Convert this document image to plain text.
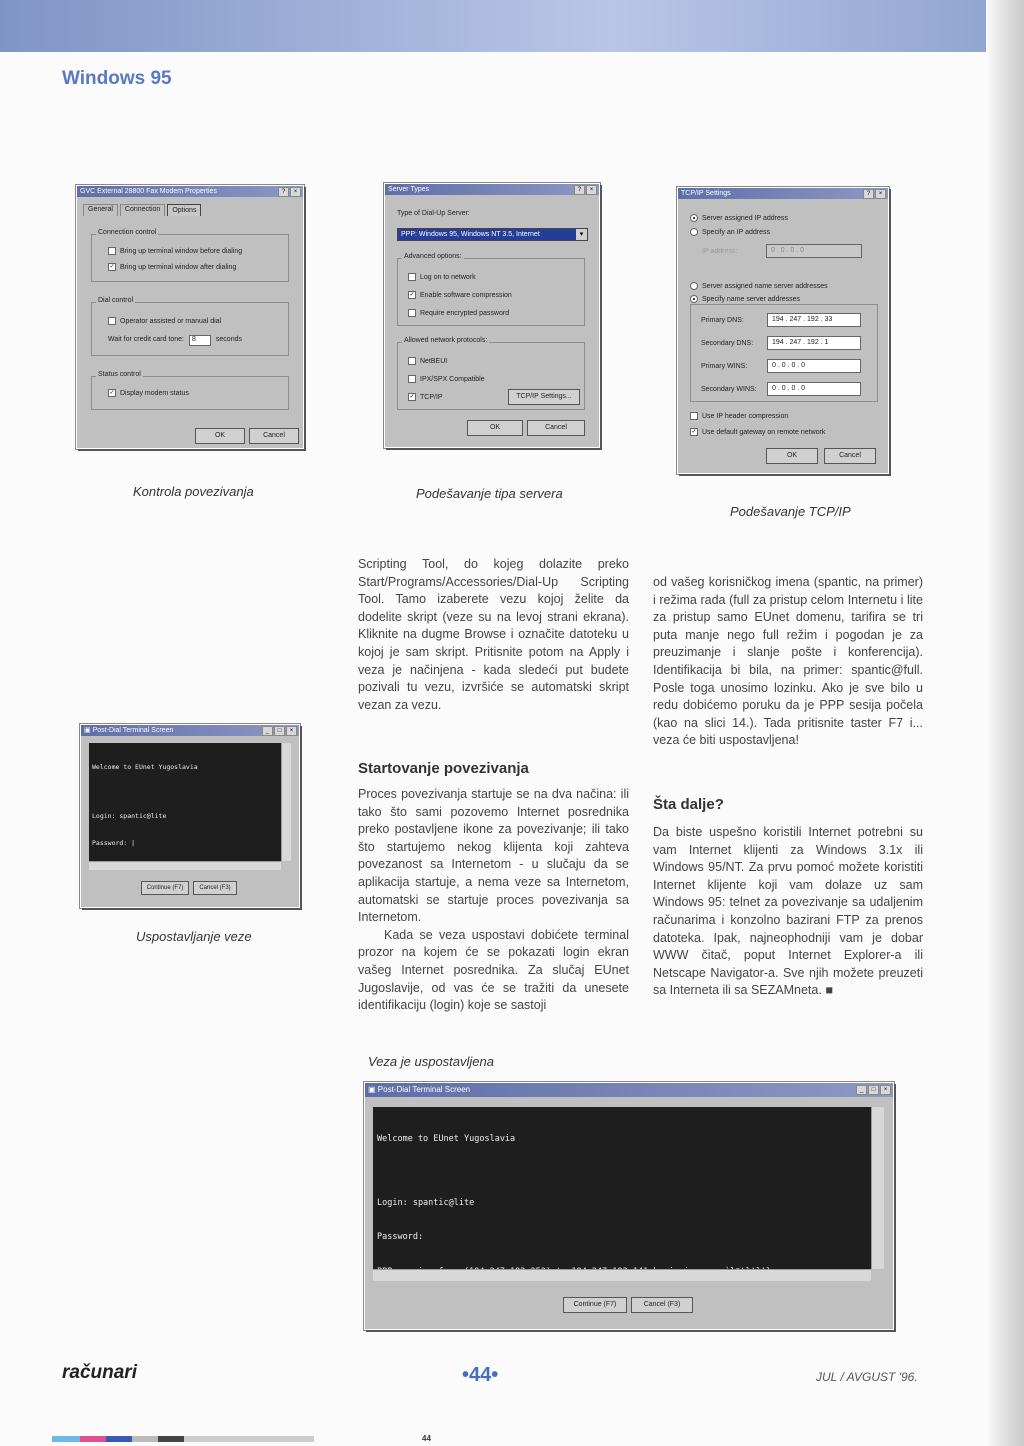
Windows 95
GVC External 28800 Fax Modem Properties	?	×
General	Connection	Options
Connection control
Bring up terminal window before dialing
✓ Bring up terminal window after dialing
Dial control
Operator assisted or manual dial
Wait for credit card tone: 8	seconds
Status control
✓ Display modem status
OK	Cancel
Server Types	?	×
Type of Dial-Up Server:
PPP: Windows 95, Windows NT 3.5, Internet	▾
Advanced options:
Log on to network
✓ Enable software compression
Require encrypted password
Allowed network protocols:
NetBEUI
IPX/SPX Compatible
✓ TCP/IP	TCP/IP Settings...
OK	Cancel
TCP/IP Settings	?	×
Server assigned IP address
Specify an IP address
IP address:	0 . 0 . 0 . 0
Server assigned name server addresses
Specify name server addresses
Primary DNS:	194 . 247 . 192 . 33
Secondary DNS:	194 . 247 . 192 . 1
Primary WINS:	0 . 0 . 0 . 0
Secondary WINS:	0 . 0 . 0 . 0
Use IP header compression
✓ Use default gateway on remote network
OK	Cancel
Kontrola povezivanja	Podešavanje tipa servera
Podešavanje TCP/IP
▣ Post-Dial Terminal Screen	_	□	×

Welcome to EUnet Yugoslavia

Login: spantic@lite

Password: |

Continue (F7)	Cancel (F3)
Uspostavljanje veze

Scripting Tool, do kojeg dolazite preko Start/Programs/Accessories/Dial-Up Scripting Tool. Tamo izaberete vezu kojoj želite da dodelite skript (veze su na levoj strani ekrana). Kliknite na dugme Browse i označite datoteku u kojoj je sam skript. Pritisnite potom na Apply i veza je načinjena - kada sledeći put budete pozivali tu vezu, izvršiće se automatski skript vezan za vezu.

Startovanje povezivanja

Proces povezivanja startuje se na dva načina: ili tako što sami pozovemo Internet posrednika preko postavljene ikone za povezivanje; ili tako što startujemo nekog klijenta koji zahteva povezanost sa Internetom - u slučaju da se aplikacija startuje, a nema veze sa Internetom, automatski se startuje proces povezivanja sa Internetom.

Kada se veza uspostavi dobićete terminal prozor na kojem će se pokazati login ekran vašeg Internet posrednika. Za slučaj EUnet Jugoslavije, od vas će se tražiti da unesete identifikaciju (login) koje se sastoji

od vašeg korisničkog imena (spantic, na primer) i režima rada (full za pristup celom Internetu i lite za pristup samo EUnet domenu, tarifira se tri puta manje nego full režim i pogodan je za preuzimanje i slanje pošte i konferencija). Identifikacija bi bila, na primer: spantic@full. Posle toga unosimo lozinku. Ako je sve bilo u redu dobićemo poruku da je PPP sesija počela (kao na slici 14.). Tada pritisnite taster F7 i... veza će biti uspostavljena!

Šta dalje?

Da biste uspešno koristili Internet potrebni su vam Internet klijenti za Windows 3.1x ili Windows 95/NT. Za prvu pomoć možete koristiti Internet klijente koji vam dolaze uz sam Windows 95: telnet za povezivanje sa udaljenim računarima i konzolno bazirani FTP za prenos datoteka. Ipak, najneophodniji vam je dobar WWW čitač, poput Internet Explorer-a ili Netscape Navigator-a. Sve njih možete preuzeti sa Interneta ili sa SEZAMneta. ■

Veza je uspostavljena
▣ Post-Dial Terminal Screen	_	□	×

Welcome to EUnet Yugoslavia

Login: spantic@lite

Password:

Continue (F7)	Cancel (F3)
računari	•44•	JUL / AVGUST '96.
44
